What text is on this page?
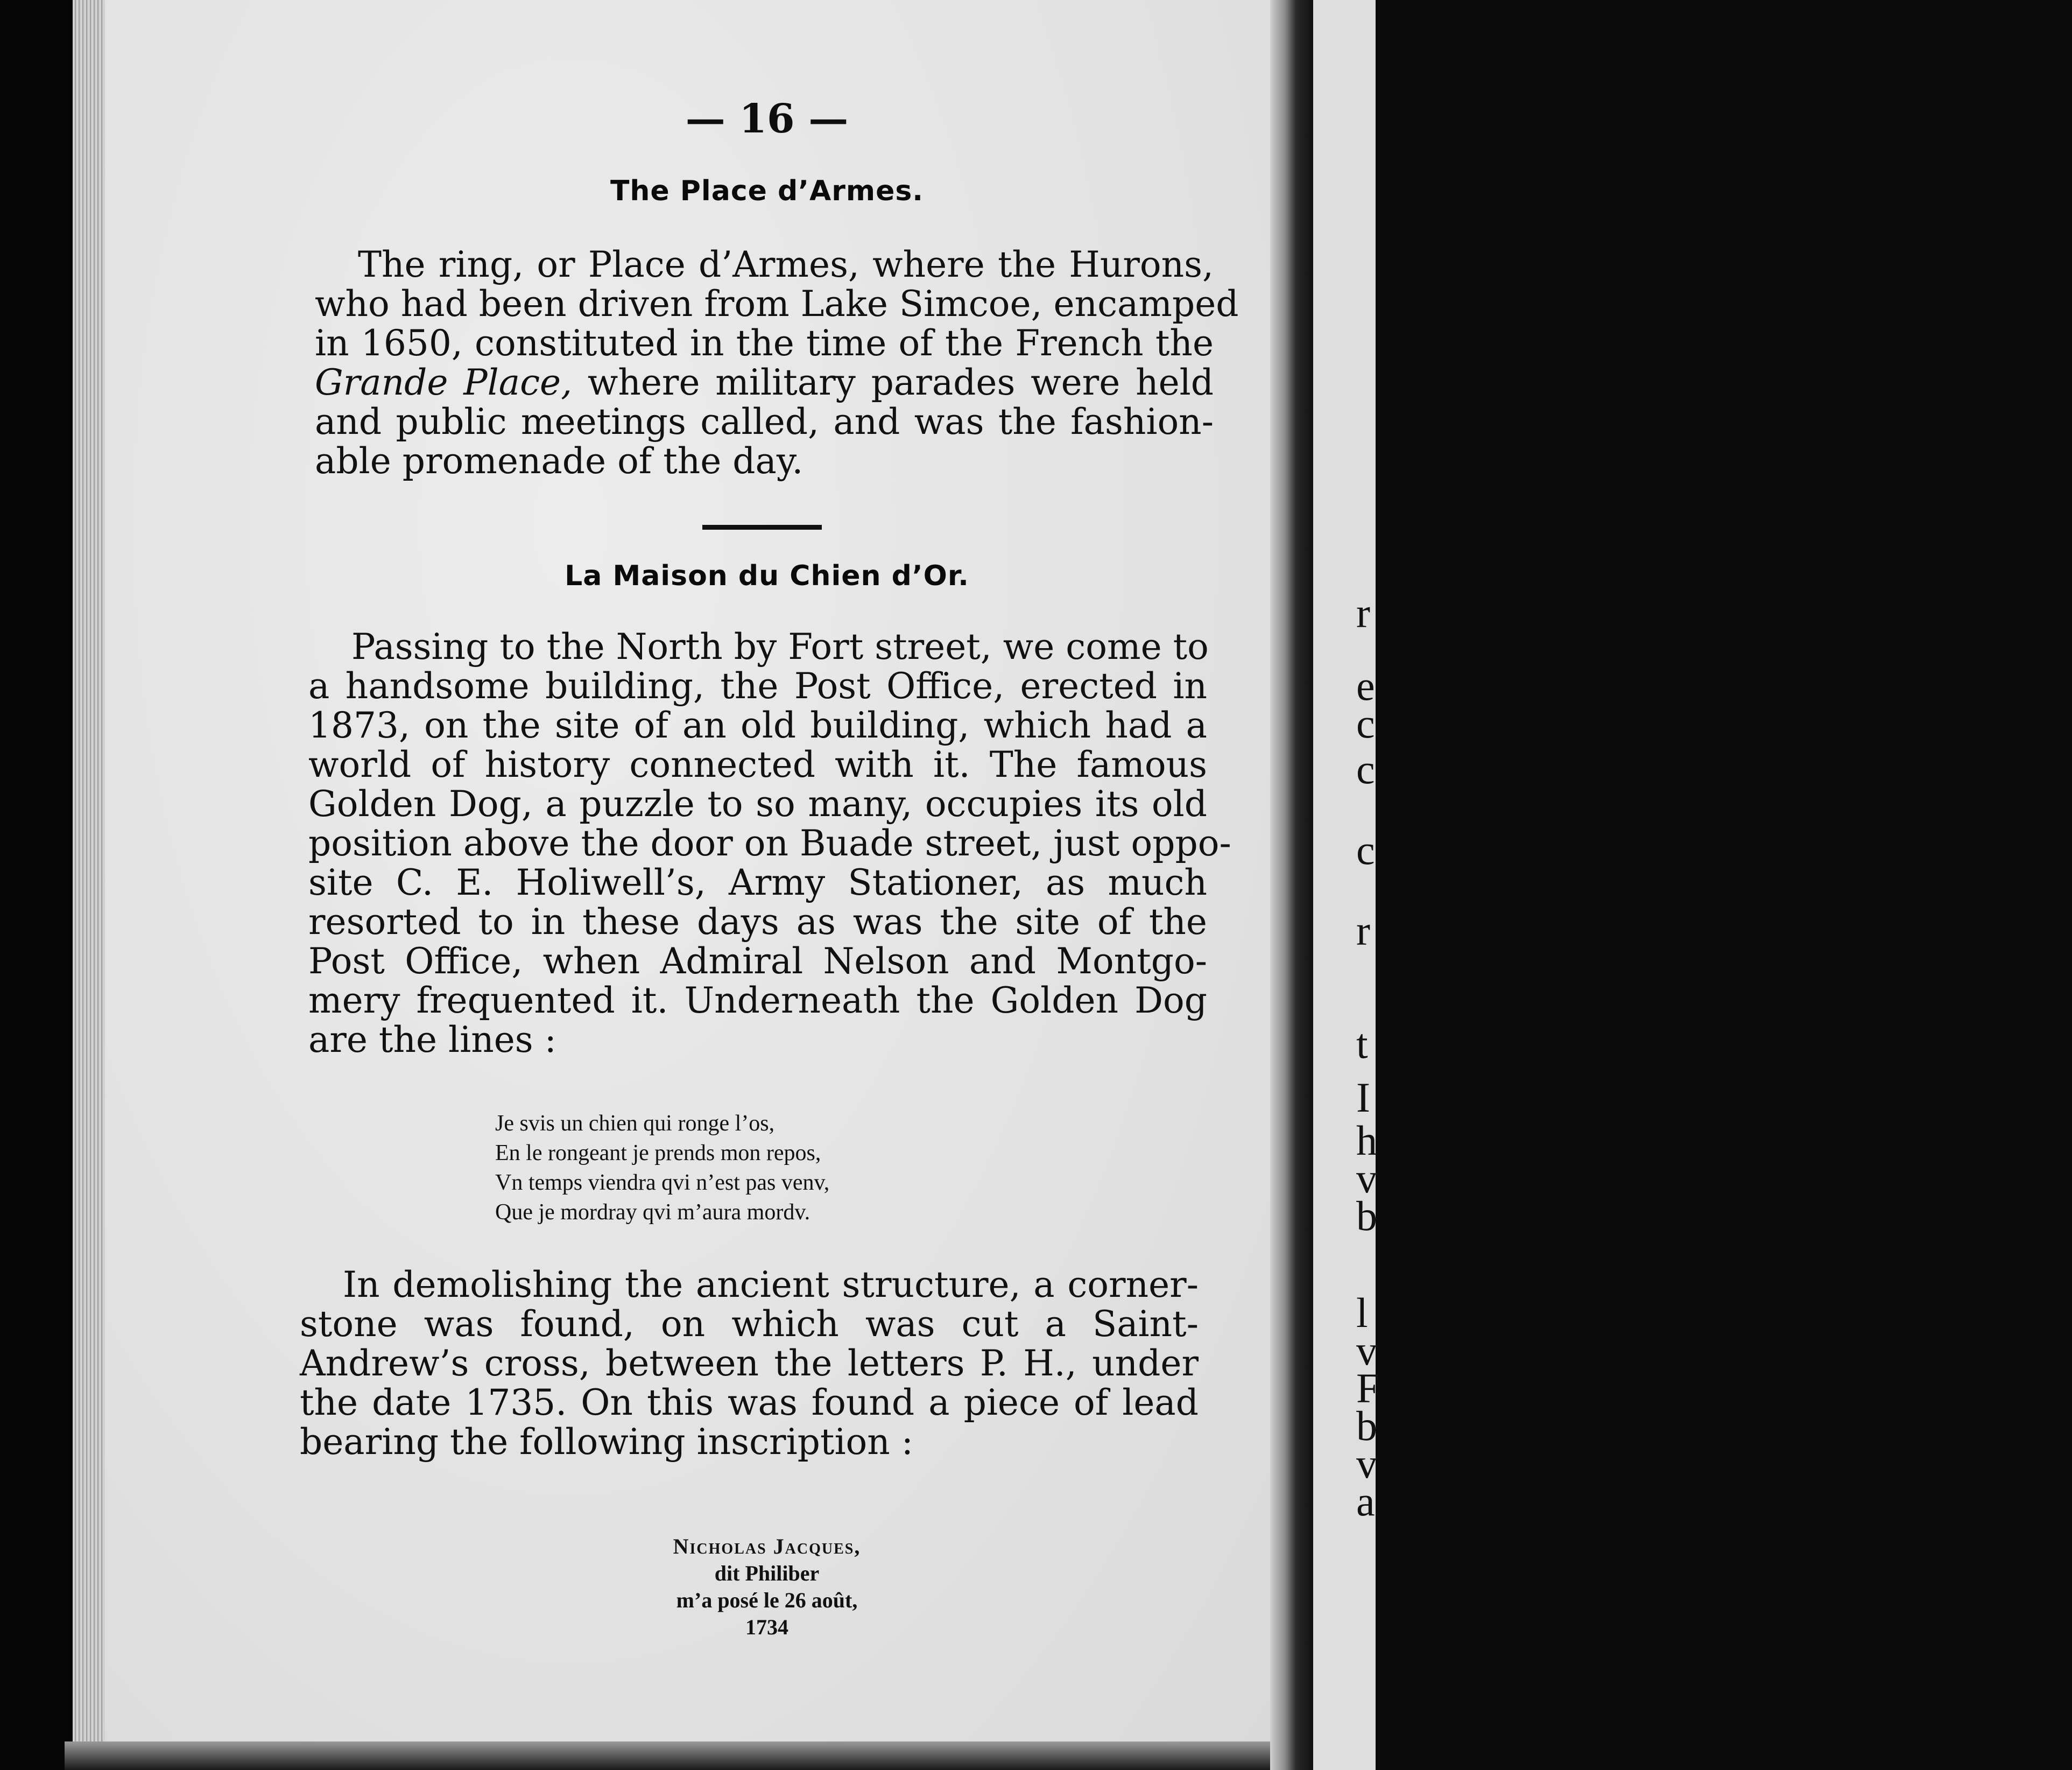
r
e
c
c
c
r
t
I
h
v
b
l
v
F
b
v
a
— 16 —
The Place d’Armes.
The ring, or Place d’Armes, where the Hurons,
who had been driven from Lake Simcoe, encamped
in 1650, constituted in the time of the French the
Grande Place, where military parades were held
and public meetings called, and was the fashion-
able promenade of the day.
La Maison du Chien d’Or.
Passing to the North by Fort street, we come to
a handsome building, the Post Office, erected in
1873, on the site of an old building, which had a
world of history connected with it. The famous
Golden Dog, a puzzle to so many, occupies its old
position above the door on Buade street, just oppo-
site C. E. Holiwell’s, Army Stationer, as much
resorted to in these days as was the site of the
Post Office, when Admiral Nelson and Montgo-
mery frequented it. Underneath the Golden Dog
are the lines :
Je svis un chien qui ronge l’os,
En le rongeant je prends mon repos,
Vn temps viendra qvi n’est pas venv,
Que je mordray qvi m’aura mordv.
In demolishing the ancient structure, a corner-
stone was found, on which was cut a Saint-
Andrew’s cross, between the letters P. H., under
the date 1735. On this was found a piece of lead
bearing the following inscription :
Nicholas Jacques,
dit Philiber
m’a posé le 26 août,
1734
